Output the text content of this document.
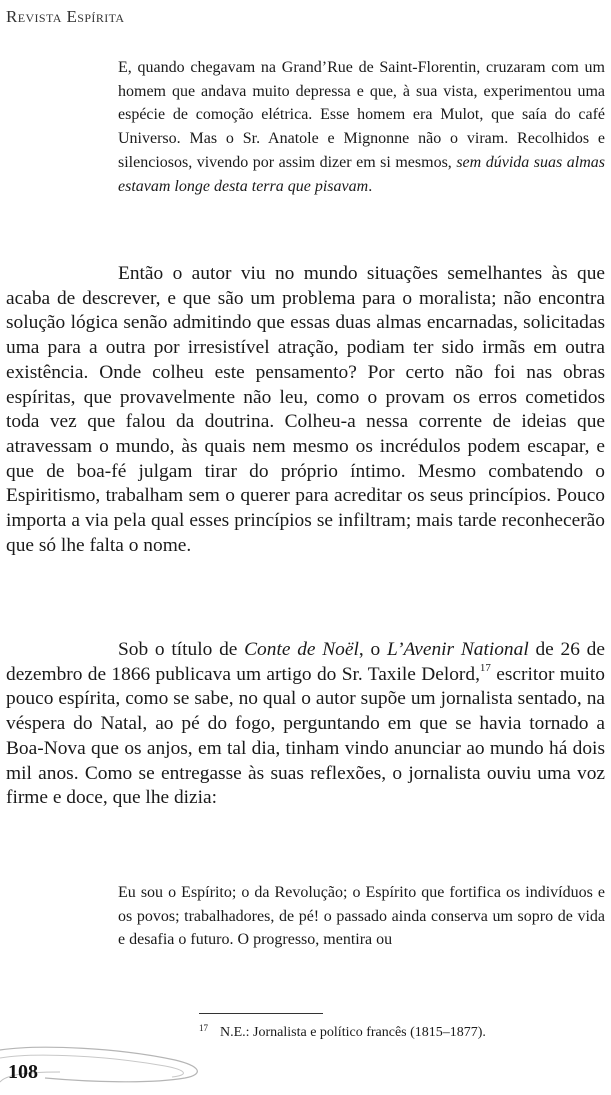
Revista Espírita
E, quando chegavam na Grand’Rue de Saint-Florentin, cruzaram com um homem que andava muito depressa e que, à sua vista, experimentou uma espécie de comoção elétrica. Esse homem era Mulot, que saía do café Universo. Mas o Sr. Anatole e Mignonne não o viram. Recolhidos e silenciosos, vivendo por assim dizer em si mesmos, sem dúvida suas almas estavam longe desta terra que pisavam.
Então o autor viu no mundo situações semelhantes às que acaba de descrever, e que são um problema para o moralista; não encontra solução lógica senão admitindo que essas duas almas encarnadas, solicitadas uma para a outra por irresistível atração, podiam ter sido irmãs em outra existência. Onde colheu este pensamento? Por certo não foi nas obras espíritas, que provavelmente não leu, como o provam os erros cometidos toda vez que falou da doutrina. Colheu-a nessa corrente de ideias que atravessam o mundo, às quais nem mesmo os incrédulos podem escapar, e que de boa-fé julgam tirar do próprio íntimo. Mesmo combatendo o Espiritismo, trabalham sem o querer para acreditar os seus princípios. Pouco importa a via pela qual esses princípios se infiltram; mais tarde reconhecerão que só lhe falta o nome.
Sob o título de Conte de Noël, o L’Avenir National de 26 de dezembro de 1866 publicava um artigo do Sr. Taxile Delord,$^{17}$ escritor muito pouco espírita, como se sabe, no qual o autor supõe um jornalista sentado, na véspera do Natal, ao pé do fogo, perguntando em que se havia tornado a Boa-Nova que os anjos, em tal dia, tinham vindo anunciar ao mundo há dois mil anos. Como se entregasse às suas reflexões, o jornalista ouviu uma voz firme e doce, que lhe dizia:
Eu sou o Espírito; o da Revolução; o Espírito que fortifica os indivíduos e os povos; trabalhadores, de pé! o passado ainda conserva um sopro de vida e desafia o futuro. O progresso, mentira ou
$^{17}$ N.E.: Jornalista e político francês (1815–1877).
108
